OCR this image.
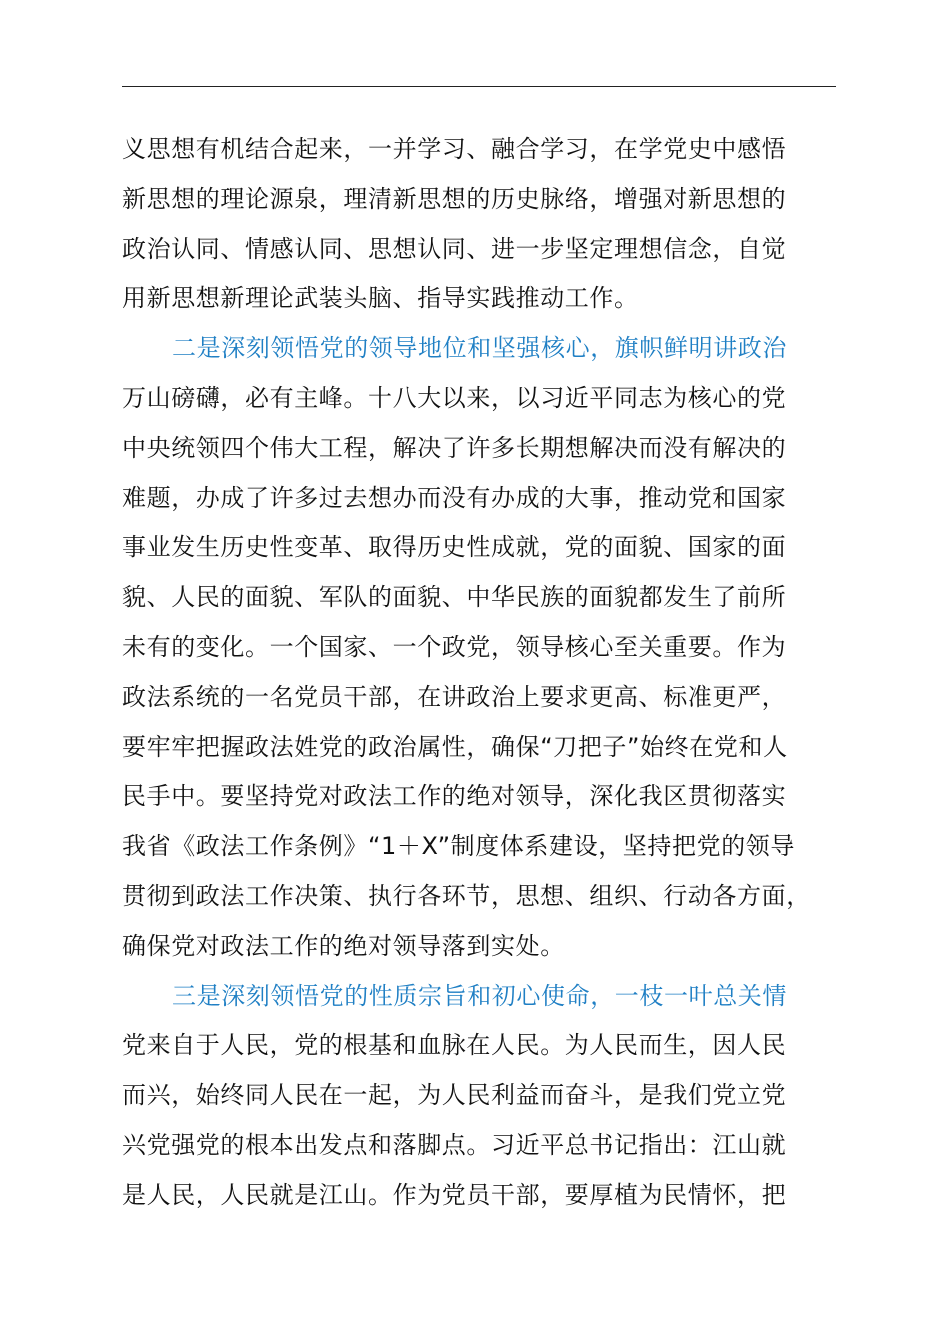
义思想有机结合起来，一并学习、融合学习，在学党史中感悟
新思想的理论源泉，理清新思想的历史脉络，增强对新思想的
政治认同、情感认同、思想认同、进一步坚定理想信念，自觉
用新思想新理论武装头脑、指导实践推动工作。
二是深刻领悟党的领导地位和坚强核心，旗帜鲜明讲政治
万山磅礴，必有主峰。十八大以来，以习近平同志为核心的党
中央统领四个伟大工程，解决了许多长期想解决而没有解决的
难题，办成了许多过去想办而没有办成的大事，推动党和国家
事业发生历史性变革、取得历史性成就，党的面貌、国家的面
貌、人民的面貌、军队的面貌、中华民族的面貌都发生了前所
未有的变化。一个国家、一个政党，领导核心至关重要。作为
政法系统的一名党员干部，在讲政治上要求更高、标准更严，
要牢牢把握政法姓党的政治属性，确保“刀把子”始终在党和人
民手中。要坚持党对政法工作的绝对领导，深化我区贯彻落实
我省《政法工作条例》“1＋X”制度体系建设，坚持把党的领导
贯彻到政法工作决策、执行各环节，思想、组织、行动各方面，
确保党对政法工作的绝对领导落到实处。
三是深刻领悟党的性质宗旨和初心使命，一枝一叶总关情
党来自于人民，党的根基和血脉在人民。为人民而生，因人民
而兴，始终同人民在一起，为人民利益而奋斗，是我们党立党
兴党强党的根本出发点和落脚点。习近平总书记指出：江山就
是人民，人民就是江山。作为党员干部，要厚植为民情怀，把
